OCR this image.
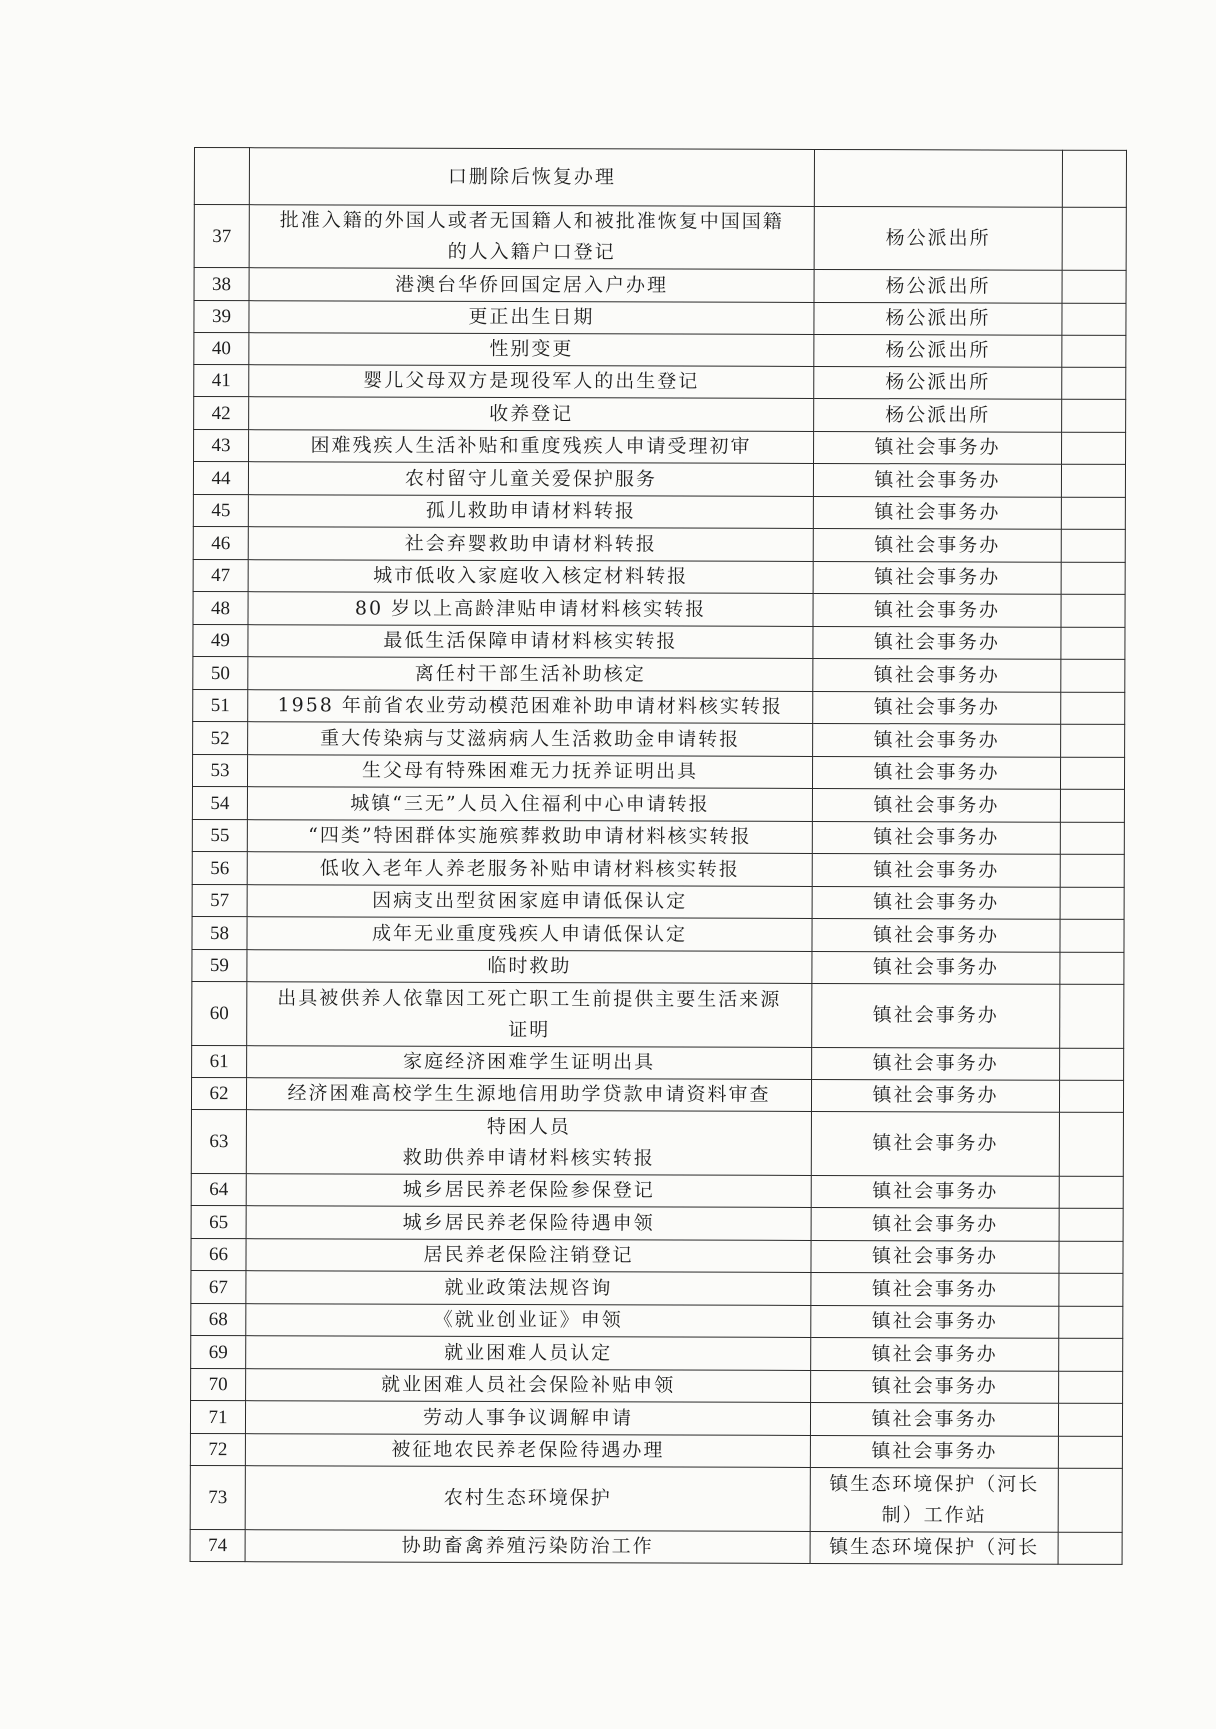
	口删除后恢复办理		

37	批准入籍的外国人或者无国籍人和被批准恢复中国国籍
的人入籍户口登记	杨公派出所	

38	港澳台华侨回国定居入户办理	杨公派出所	

39	更正出生日期	杨公派出所	

40	性别变更	杨公派出所	

41	婴儿父母双方是现役军人的出生登记	杨公派出所	

42	收养登记	杨公派出所	

43	困难残疾人生活补贴和重度残疾人申请受理初审	镇社会事务办	

44	农村留守儿童关爱保护服务	镇社会事务办	

45	孤儿救助申请材料转报	镇社会事务办	

46	社会弃婴救助申请材料转报	镇社会事务办	

47	城市低收入家庭收入核定材料转报	镇社会事务办	

48	80 岁以上高龄津贴申请材料核实转报	镇社会事务办	

49	最低生活保障申请材料核实转报	镇社会事务办	

50	离任村干部生活补助核定	镇社会事务办	

51	1958 年前省农业劳动模范困难补助申请材料核实转报	镇社会事务办	

52	重大传染病与艾滋病病人生活救助金申请转报	镇社会事务办	

53	生父母有特殊困难无力抚养证明出具	镇社会事务办	

54	城镇“三无”人员入住福利中心申请转报	镇社会事务办	

55	“四类”特困群体实施殡葬救助申请材料核实转报	镇社会事务办	

56	低收入老年人养老服务补贴申请材料核实转报	镇社会事务办	

57	因病支出型贫困家庭申请低保认定	镇社会事务办	

58	成年无业重度残疾人申请低保认定	镇社会事务办	

59	临时救助	镇社会事务办	

60	出具被供养人依靠因工死亡职工生前提供主要生活来源
证明	镇社会事务办	

61	家庭经济困难学生证明出具	镇社会事务办	

62	经济困难高校学生生源地信用助学贷款申请资料审查	镇社会事务办	

63	特困人员
救助供养申请材料核实转报	镇社会事务办	

64	城乡居民养老保险参保登记	镇社会事务办	

65	城乡居民养老保险待遇申领	镇社会事务办	

66	居民养老保险注销登记	镇社会事务办	

67	就业政策法规咨询	镇社会事务办	

68	《就业创业证》申领	镇社会事务办	

69	就业困难人员认定	镇社会事务办	

70	就业困难人员社会保险补贴申领	镇社会事务办	

71	劳动人事争议调解申请	镇社会事务办	

72	被征地农民养老保险待遇办理	镇社会事务办	

73	农村生态环境保护	镇生态环境保护（河长
制）工作站	

74	协助畜禽养殖污染防治工作	镇生态环境保护（河长	
